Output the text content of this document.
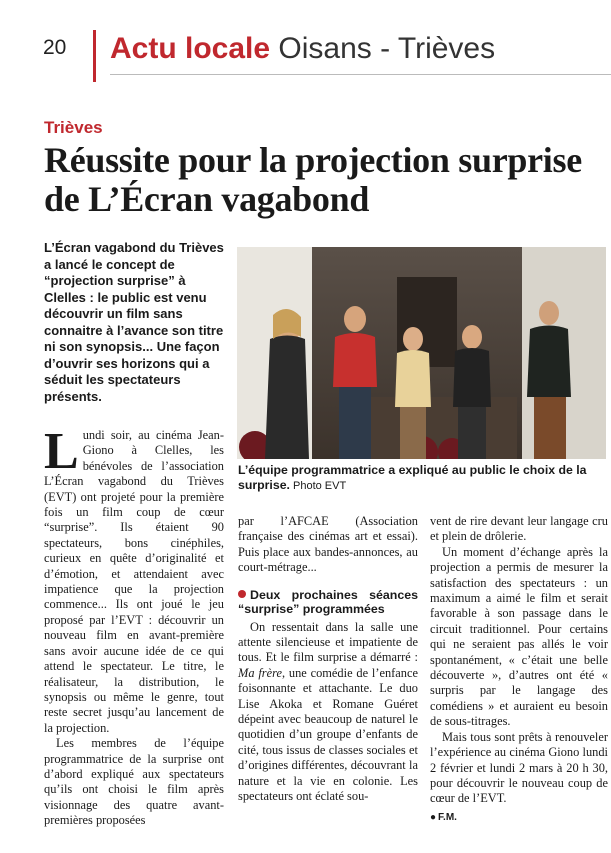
20 Actu locale Oisans - Trièves
Trièves
Réussite pour la projection surprise de L’Écran vagabond
L’Écran vagabond du Trièves a lancé le concept de “projection surprise” à Clelles : le public est venu découvrir un film sans connaitre à l’avance son titre ni son synopsis... Une façon d’ouvrir ses horizons qui a séduit les spectateurs présents.

Lundi soir, au cinéma Jean-Giono à Clelles, les bénévoles de l’association L’Écran vagabond du Trièves (EVT) ont projeté pour la première fois un film coup de cœur “surprise”. Ils étaient 90 spectateurs, bons cinéphiles, curieux en quête d’originalité et d’émotion, et attendaient avec impatience que la projection commence... Ils ont joué le jeu proposé par l’EVT : découvrir un nouveau film en avant-première sans avoir aucune idée de ce qui attend le spectateur. Le titre, le réalisateur, la distribution, le synopsis ou même le genre, tout reste secret jusqu’au lancement de la projection.

Les membres de l’équipe programmatrice de la surprise ont d’abord expliqué aux spectateurs qu’ils ont choisi le film après visionnage des quatre avant-premières proposées

L’équipe programmatrice a expliqué au public le choix de la surprise. Photo EVT

par l’AFCAE (Association française des cinémas art et essai). Puis place aux bandes-annonces, au court-métrage...

Deux prochaines séances “surprise” programmées

On ressentait dans la salle une attente silencieuse et impatiente de tous. Et le film surprise a démarré : Ma frère, une comédie de l’enfance foisonnante et attachante. Le duo Lise Akoka et Romane Guéret dépeint avec beaucoup de naturel le quotidien d’un groupe d’enfants de cité, tous issus de classes sociales et d’origines différentes, découvrant la nature et la vie en colonie. Les spectateurs ont éclaté sou-

vent de rire devant leur langage cru et plein de drôlerie.

Un moment d’échange après la projection a permis de mesurer la satisfaction des spectateurs : un maximum a aimé le film et serait favorable à son passage dans le circuit traditionnel. Pour certains qui ne seraient pas allés le voir spontanément, « c’était une belle découverte », d’autres ont été « surpris par le langage des comédiens » et auraient eu besoin de sous-titrages.

Mais tous sont prêts à renouveler l’expérience au cinéma Giono lundi 2 février et lundi 2 mars à 20 h 30, pour découvrir le nouveau coup de cœur de l’EVT.

● F.M.
